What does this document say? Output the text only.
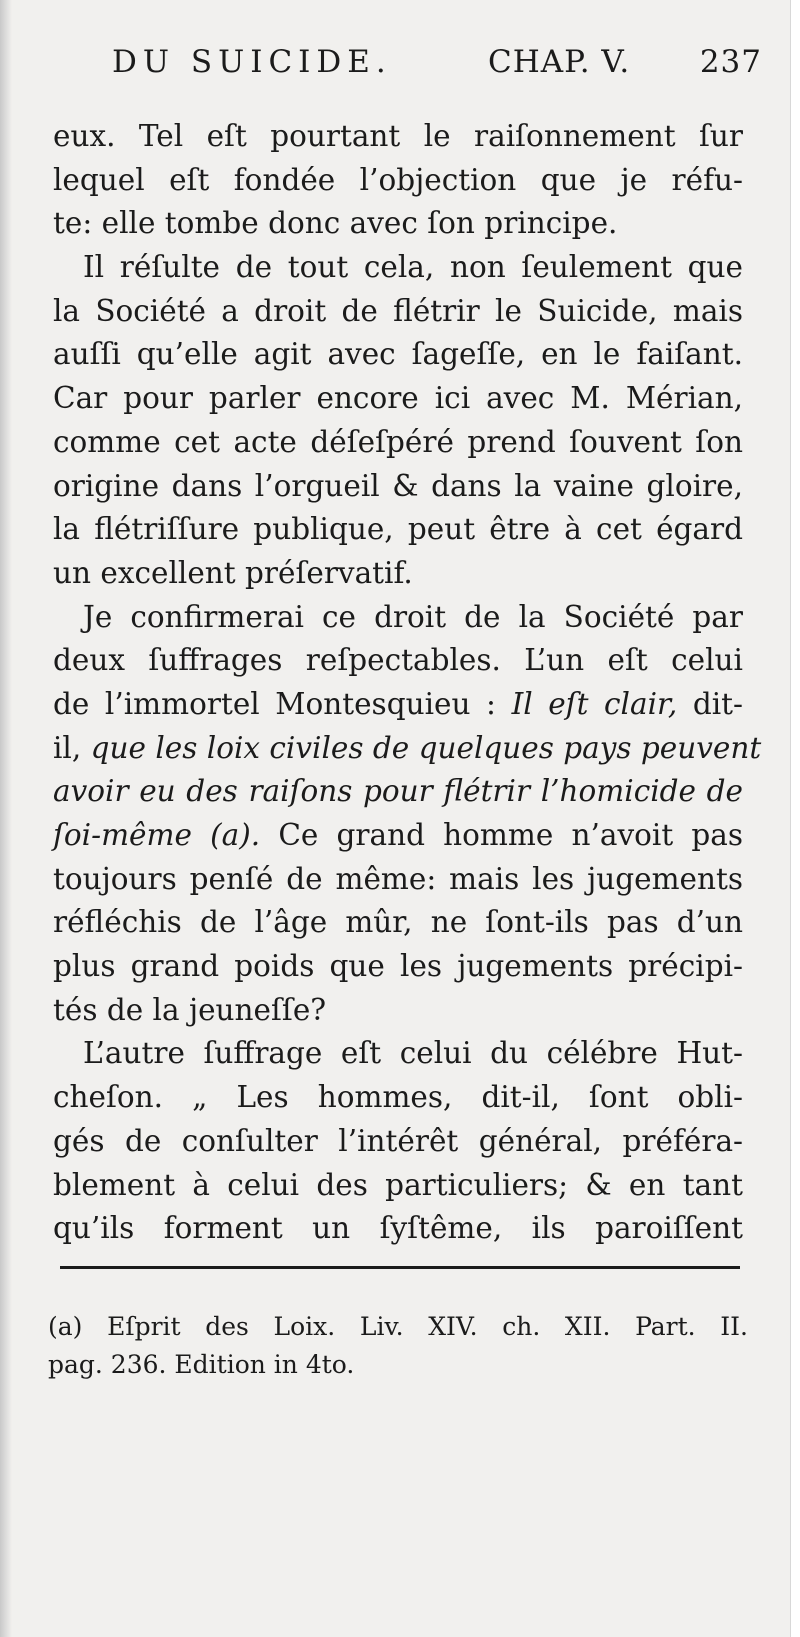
DU SUICIDE.	CHAP. V. 237
eux. Tel eſt pourtant le raiſonnement ſur
lequel eſt fondée l’objection que je réfu-
te: elle tombe donc avec ſon principe.
Il réſulte de tout cela, non ſeulement que
la Société a droit de flétrir le Suicide, mais
auſſi qu’elle agit avec ſageſſe, en le faiſant.
Car pour parler encore ici avec M. Mérian,
comme cet acte déſeſpéré prend ſouvent ſon
origine dans l’orgueil & dans la vaine gloire,
la flétriſſure publique, peut être à cet égard
un excellent préſervatif.
Je confirmerai ce droit de la Société par
deux ſuffrages reſpectables. L’un eſt celui
de l’immortel Montesquieu : Il eſt clair, dit-
il, que les loix civiles de quelques pays peuvent
avoir eu des raiſons pour flétrir l’homicide de
ſoi-même (a). Ce grand homme n’avoit pas
toujours penſé de même: mais les jugements
réfléchis de l’âge mûr, ne ſont-ils pas d’un
plus grand poids que les jugements précipi-
tés de la jeuneſſe?
L’autre ſuffrage eſt celui du célébre Hut-
cheſon. „ Les hommes, dit-il, ſont obli-
gés de conſulter l’intérêt général, préféra-
blement à celui des particuliers; & en tant
qu’ils forment un ſyſtême, ils paroiſſent
(a) Eſprit des Loix. Liv. XIV. ch. XII. Part. II.
pag. 236. Edition in 4to.
